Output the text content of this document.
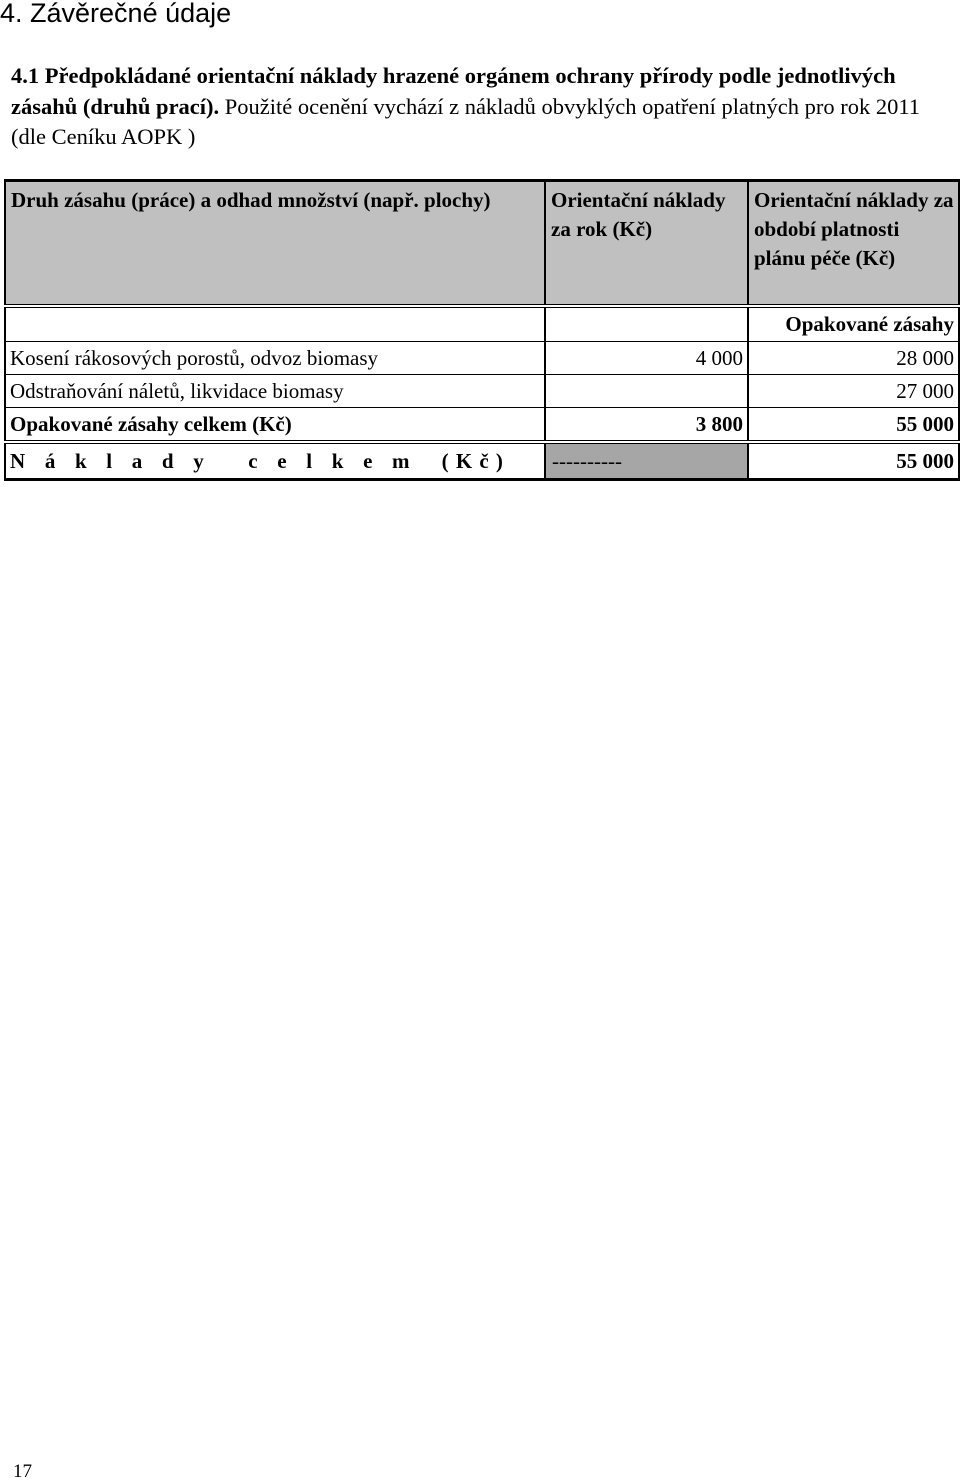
4. Závěrečné údaje
4.1 Předpokládané orientační náklady hrazené orgánem ochrany přírody podle jednotlivých zásahů (druhů prací). Použité ocenění vychází z nákladů obvyklých opatření platných pro rok 2011 (dle Ceníku AOPK )
Druh zásahu (práce) a odhad množství (např. plochy)	Orientační náklady za rok (Kč)	Orientační náklady za období platnosti plánu péče (Kč)
		Opakované zásahy
Kosení rákosových porostů, odvoz biomasy	4 000	28 000
Odstraňování náletů, likvidace biomasy		27 000
Opakované zásahy celkem (Kč)	3 800	55 000
N á k l a d y   c e l k e m  (Kč)	----------	55 000
17
